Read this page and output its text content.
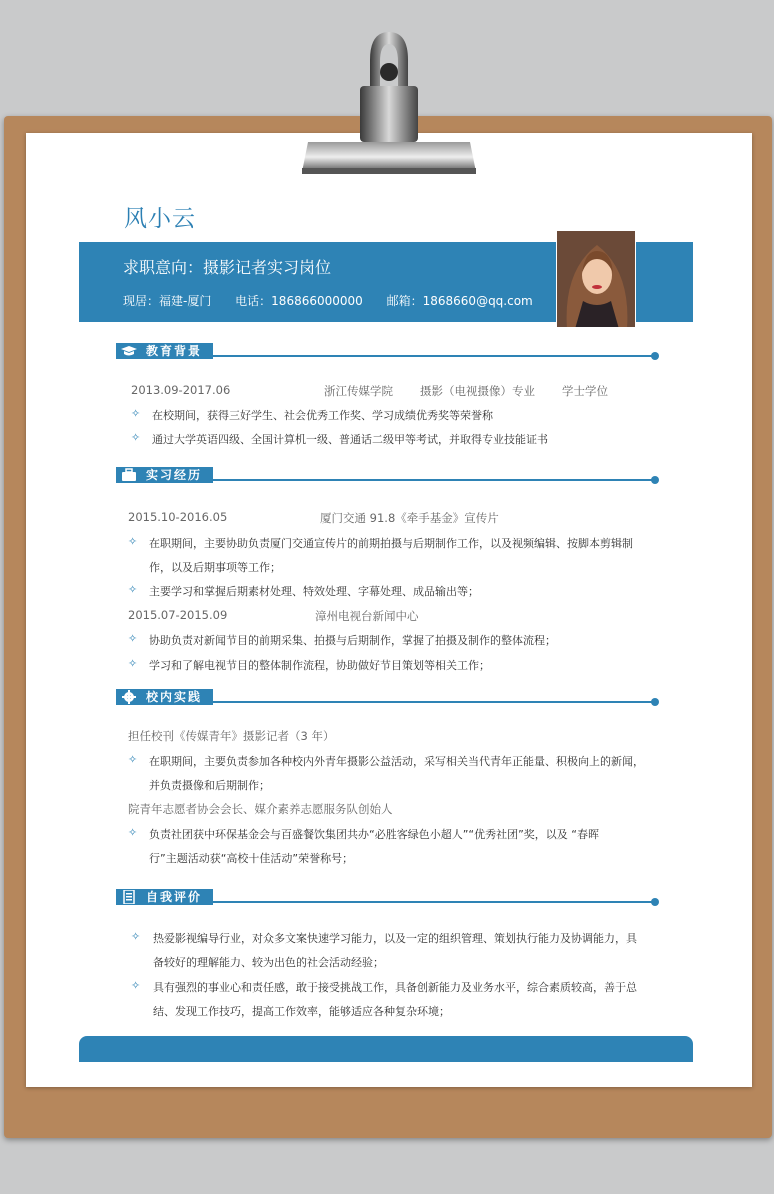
风小云
求职意向：摄影记者实习岗位
现居：福建-厦门 电话：186866000000 邮箱：1868660@qq.com
教育背景
2013.09-2017.06	浙江传媒学院 摄影（电视摄像）专业 学士学位
✧ 在校期间，获得三好学生、社会优秀工作奖、学习成绩优秀奖等荣誉称
✧ 通过大学英语四级、全国计算机一级、普通话二级甲等考试，并取得专业技能证书
实习经历
2015.10-2016.05	厦门交通 91.8《牵手基金》宣传片
✧ 在职期间，主要协助负责厦门交通宣传片的前期拍摄与后期制作工作，以及视频编辑、按脚本剪辑制
作，以及后期事项等工作；
✧ 主要学习和掌握后期素材处理、特效处理、字幕处理、成品输出等；
2015.07-2015.09	漳州电视台新闻中心
✧ 协助负责对新闻节目的前期采集、拍摄与后期制作，掌握了拍摄及制作的整体流程；
✧ 学习和了解电视节目的整体制作流程，协助做好节目策划等相关工作；
校内实践
担任校刊《传媒青年》摄影记者（3 年）
✧ 在职期间，主要负责参加各种校内外青年摄影公益活动，采写相关当代青年正能量、积极向上的新闻，
并负责摄像和后期制作；
院青年志愿者协会会长、媒介素养志愿服务队创始人
✧ 负责社团获中环保基金会与百盛餐饮集团共办“必胜客绿色小超人”“优秀社团”奖，以及 “春晖
行”主题活动获“高校十佳活动”荣誉称号；
自我评价
✧ 热爱影视编导行业，对众多文案快速学习能力，以及一定的组织管理、策划执行能力及协调能力，具
备较好的理解能力、较为出色的社会活动经验；
✧ 具有强烈的事业心和责任感，敢于接受挑战工作，具备创新能力及业务水平，综合素质较高，善于总
结、发现工作技巧，提高工作效率，能够适应各种复杂环境；
